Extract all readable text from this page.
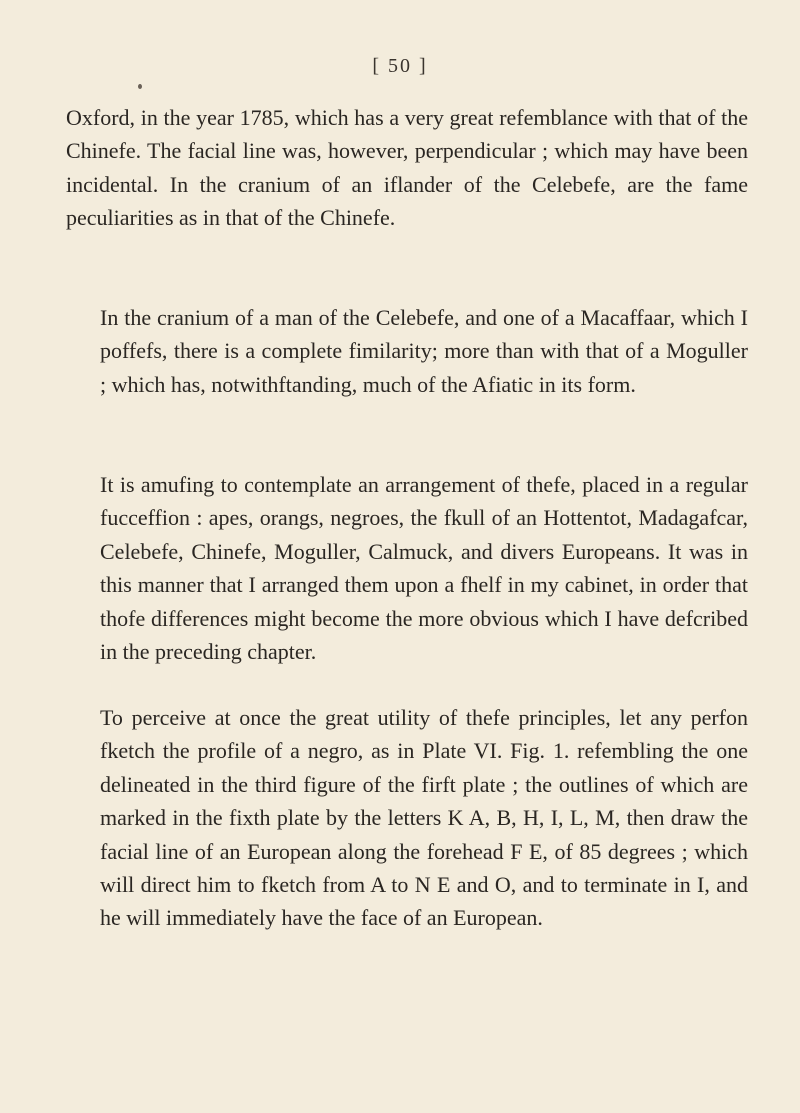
[ 50 ]

Oxford, in the year 1785, which has a very great refemblance with that of the Chinefe. The facial line was, however, perpendicular ; which may have been incidental. In the cranium of an iflander of the Celebefe, are the fame peculiarities as in that of the Chinefe.

In the cranium of a man of the Celebefe, and one of a Macaffaar, which I poffefs, there is a complete fimilarity; more than with that of a Moguller ; which has, notwithftanding, much of the Afiatic in its form.

It is amufing to contemplate an arrangement of thefe, placed in a regular fucceffion : apes, orangs, negroes, the fkull of an Hottentot, Madagafcar, Celebefe, Chinefe, Moguller, Calmuck, and divers Europeans. It was in this manner that I arranged them upon a fhelf in my cabinet, in order that thofe differences might become the more obvious which I have defcribed in the preceding chapter.

To perceive at once the great utility of thefe principles, let any perfon fketch the profile of a negro, as in Plate VI. Fig. 1. refembling the one delineated in the third figure of the firft plate ; the outlines of which are marked in the fixth plate by the letters K A, B, H, I, L, M, then draw the facial line of an European along the forehead F E, of 85 degrees ; which will direct him to fketch from A to N E and O, and to terminate in I, and he will immediately have the face of an European.
